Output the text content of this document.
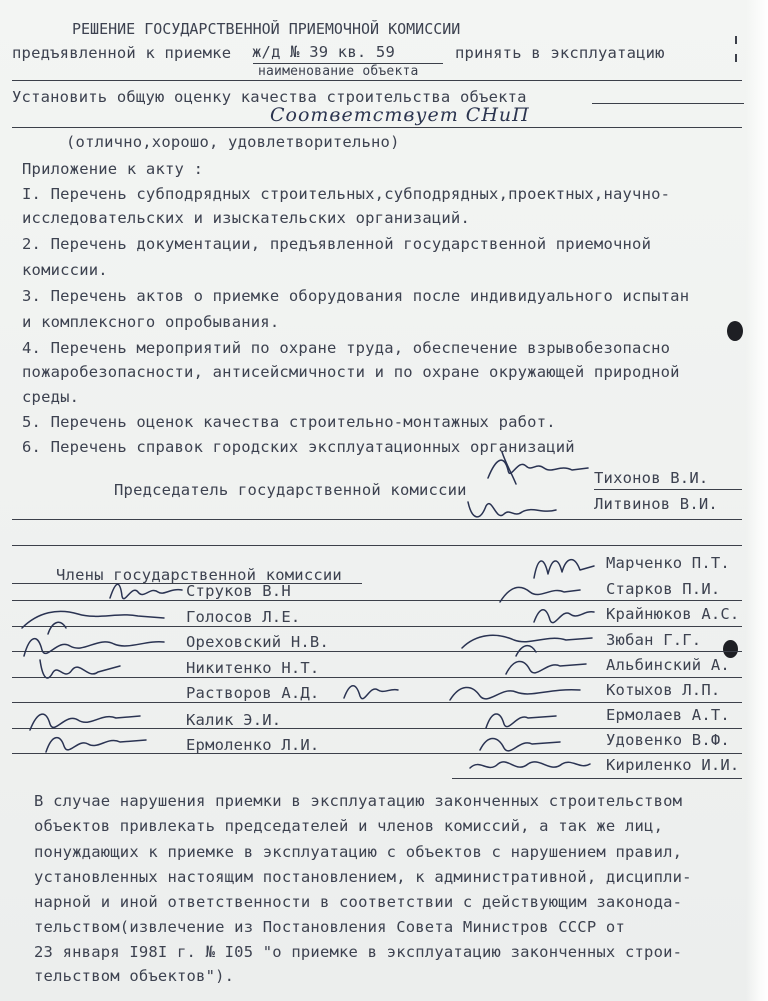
РЕШЕНИЕ ГОСУДАРСТВЕННОЙ ПРИЕМОЧНОЙ КОМИССИИ
предъявленной к приемке ж/д № 39 кв. 59	принять в эксплуатацию
наименование объекта
Установить общую оценку качества строительства объекта
Соответствует СНиП
(отлично,хорошо, удовлетворительно)
Приложение к акту :
I. Перечень субподрядных строительных,субподрядных,проектных,научно-
исследовательских и изыскательских организаций.
2. Перечень документации, предъявленной государственной приемочной
комиссии.
3. Перечень актов о приемке оборудования после индивидуального испытан
и комплексного опробывания.
4. Перечень мероприятий по охране труда, обеспечение взрывобезопасно
пожаробезопасности, антисейсмичности и по охране окружающей природной
среды.
5. Перечень оценок качества строительно-монтажных работ.
6. Перечень справок городских эксплуатационных организаций
Председатель государственной комиссии
Тихонов В.И.
Литвинов В.И.
Члены государственной комиссии
Струков В.Н
Голосов Л.Е.
Ореховский Н.В.
Никитенко Н.Т.
Растворов А.Д.
Калик Э.И.
Ермоленко Л.И.
Марченко П.Т.
Старков П.И.
Крайнюков А.С.
Зюбан Г.Г.
Альбинский А.
Котыхов Л.П.
Ермолаев А.Т.
Удовенко В.Ф.
Кириленко И.И.
В случае нарушения приемки в эксплуатацию законченных строительством
объектов привлекать председателей и членов комиссий, а так же лиц,
понуждающих к приемке в эксплуатацию с объектов с нарушением правил,
установленных настоящим постановлением, к административной, дисципли-
нарной и иной ответственности в соответствии с действующим законода-
тельством(извлечение из Постановления Совета Министров СССР от
23 января I98I г. № I05 "о приемке в эксплуатацию законченных строи-
тельством объектов").
